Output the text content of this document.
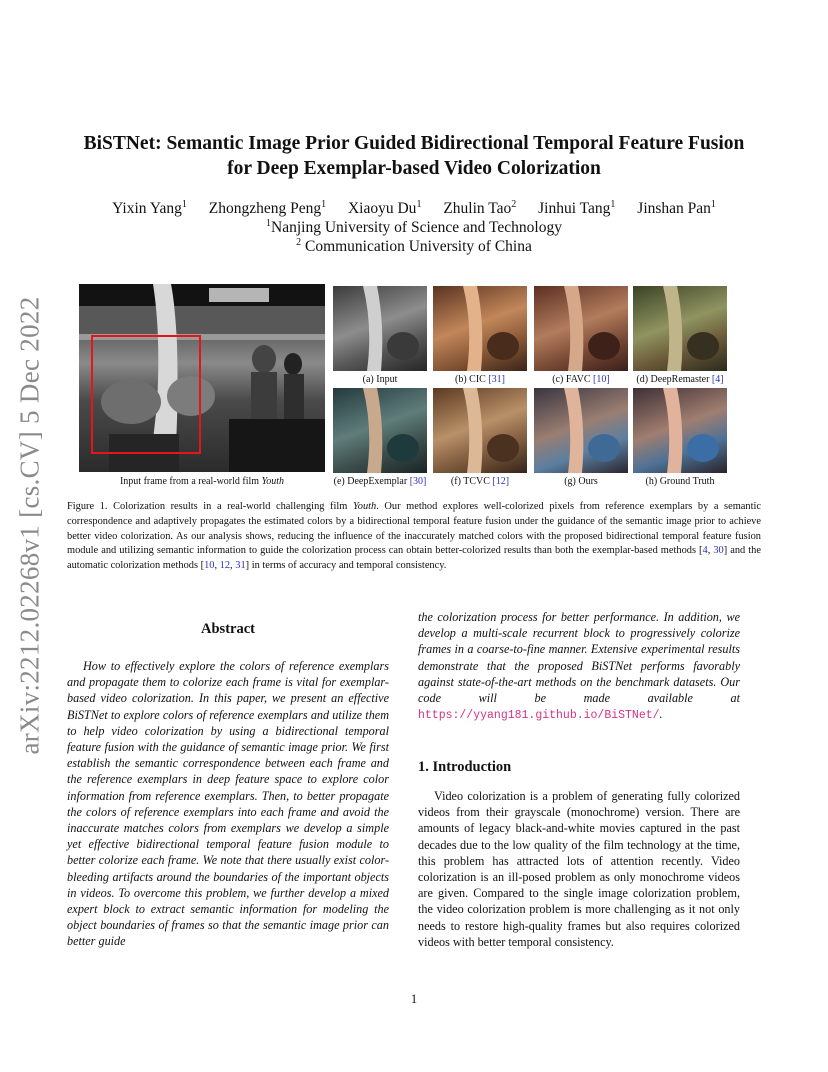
arXiv:2212.02268v1 [cs.CV] 5 Dec 2022
BiSTNet: Semantic Image Prior Guided Bidirectional Temporal Feature Fusion
for Deep Exemplar-based Video Colorization
Yixin Yang$^1$ Zhongzheng Peng$^1$ Xiaoyu Du$^1$ Zhulin Tao$^2$ Jinhui Tang$^1$ Jinshan Pan$^1$
$^1$Nanjing University of Science and Technology
$^2$ Communication University of China
Input frame from a real-world film Youth
(a) Input	(b) CIC [31]	(c) FAVC [10]	(d) DeepRemaster [4]
(e) DeepExemplar [30]	(f) TCVC [12]	(g) Ours	(h) Ground Truth
Figure 1. Colorization results in a real-world challenging film Youth. Our method explores well-colorized pixels from reference exemplars by a semantic correspondence and adaptively propagates the estimated colors by a bidirectional temporal feature fusion under the guidance of the semantic image prior to achieve better video colorization. As our analysis shows, reducing the influence of the inaccurately matched colors with the proposed bidirectional temporal feature fusion module and utilizing semantic information to guide the colorization process can obtain better-colorized results than both the exemplar-based methods [4, 30] and the automatic colorization methods [10, 12, 31] in terms of accuracy and temporal consistency.
Abstract
How to effectively explore the colors of reference exemplars and propagate them to colorize each frame is vital for exemplar-based video colorization. In this paper, we present an effective BiSTNet to explore colors of reference exemplars and utilize them to help video colorization by using a bidirectional temporal feature fusion with the guidance of semantic image prior. We first establish the semantic correspondence between each frame and the reference exemplars in deep feature space to explore color information from reference exemplars. Then, to better propagate the colors of reference exemplars into each frame and avoid the inaccurate matches colors from exemplars we develop a simple yet effective bidirectional temporal feature fusion module to better colorize each frame. We note that there usually exist color-bleeding artifacts around the boundaries of the important objects in videos. To overcome this problem, we further develop a mixed expert block to extract semantic information for modeling the object boundaries of frames so that the semantic image prior can better guide
the colorization process for better performance. In addition, we develop a multi-scale recurrent block to progressively colorize frames in a coarse-to-fine manner. Extensive experimental results demonstrate that the proposed BiSTNet performs favorably against state-of-the-art methods on the benchmark datasets. Our code will be made available at https://yyang181.github.io/BiSTNet/.
1. Introduction
Video colorization is a problem of generating fully colorized videos from their grayscale (monochrome) version. There are amounts of legacy black-and-white movies captured in the past decades due to the low quality of the film technology at the time, this problem has attracted lots of attention recently. Video colorization is an ill-posed problem as only monochrome videos are given. Compared to the single image colorization problem, the video colorization problem is more challenging as it not only needs to restore high-quality frames but also requires colorized videos with better temporal consistency.
1
